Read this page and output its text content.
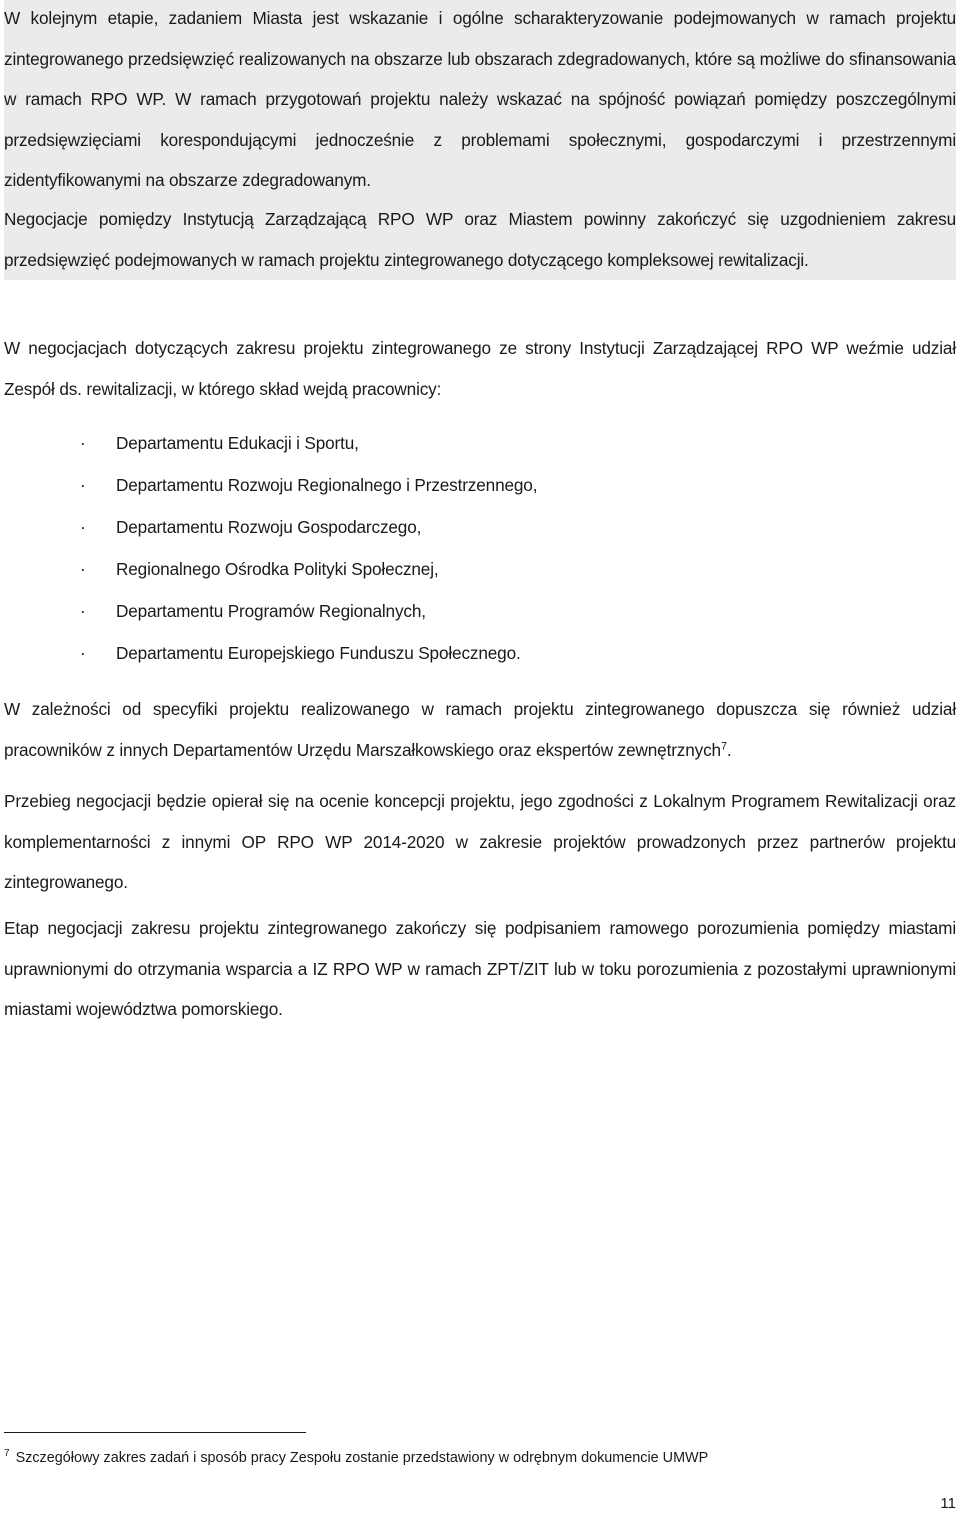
W kolejnym etapie, zadaniem Miasta jest wskazanie i ogólne scharakteryzowanie podejmowanych w ramach projektu zintegrowanego przedsięwzięć realizowanych na obszarze lub obszarach zdegradowanych, które są możliwe do sfinansowania w ramach RPO WP. W ramach przygotowań projektu należy wskazać na spójność powiązań pomiędzy poszczególnymi przedsięwzięciami korespondującymi jednocześnie z problemami społecznymi, gospodarczymi i przestrzennymi zidentyfikowanymi na obszarze zdegradowanym.

Negocjacje pomiędzy Instytucją Zarządzającą RPO WP oraz Miastem powinny zakończyć się uzgodnieniem zakresu przedsięwzięć podejmowanych w ramach projektu zintegrowanego dotyczącego kompleksowej rewitalizacji.

W negocjacjach dotyczących zakresu projektu zintegrowanego ze strony Instytucji Zarządzającej RPO WP weźmie udział Zespół ds. rewitalizacji, w którego skład wejdą pracownicy:

· Departamentu Edukacji i Sportu,
· Departamentu Rozwoju Regionalnego i Przestrzennego,
· Departamentu Rozwoju Gospodarczego,
· Regionalnego Ośrodka Polityki Społecznej,
· Departamentu Programów Regionalnych,
· Departamentu Europejskiego Funduszu Społecznego.

W zależności od specyfiki projektu realizowanego w ramach projektu zintegrowanego dopuszcza się również udział pracowników z innych Departamentów Urzędu Marszałkowskiego oraz ekspertów zewnętrznych$^7$.

Przebieg negocjacji będzie opierał się na ocenie koncepcji projektu, jego zgodności z Lokalnym Programem Rewitalizacji oraz komplementarności z innymi OP RPO WP 2014-2020 w zakresie projektów prowadzonych przez partnerów projektu zintegrowanego.

Etap negocjacji zakresu projektu zintegrowanego zakończy się podpisaniem ramowego porozumienia pomiędzy miastami uprawnionymi do otrzymania wsparcia a IZ RPO WP w ramach ZPT/ZIT lub w toku porozumienia z pozostałymi uprawnionymi miastami województwa pomorskiego.

$^7$ Szczegółowy zakres zadań i sposób pracy Zespołu zostanie przedstawiony w odrębnym dokumencie UMWP
11
